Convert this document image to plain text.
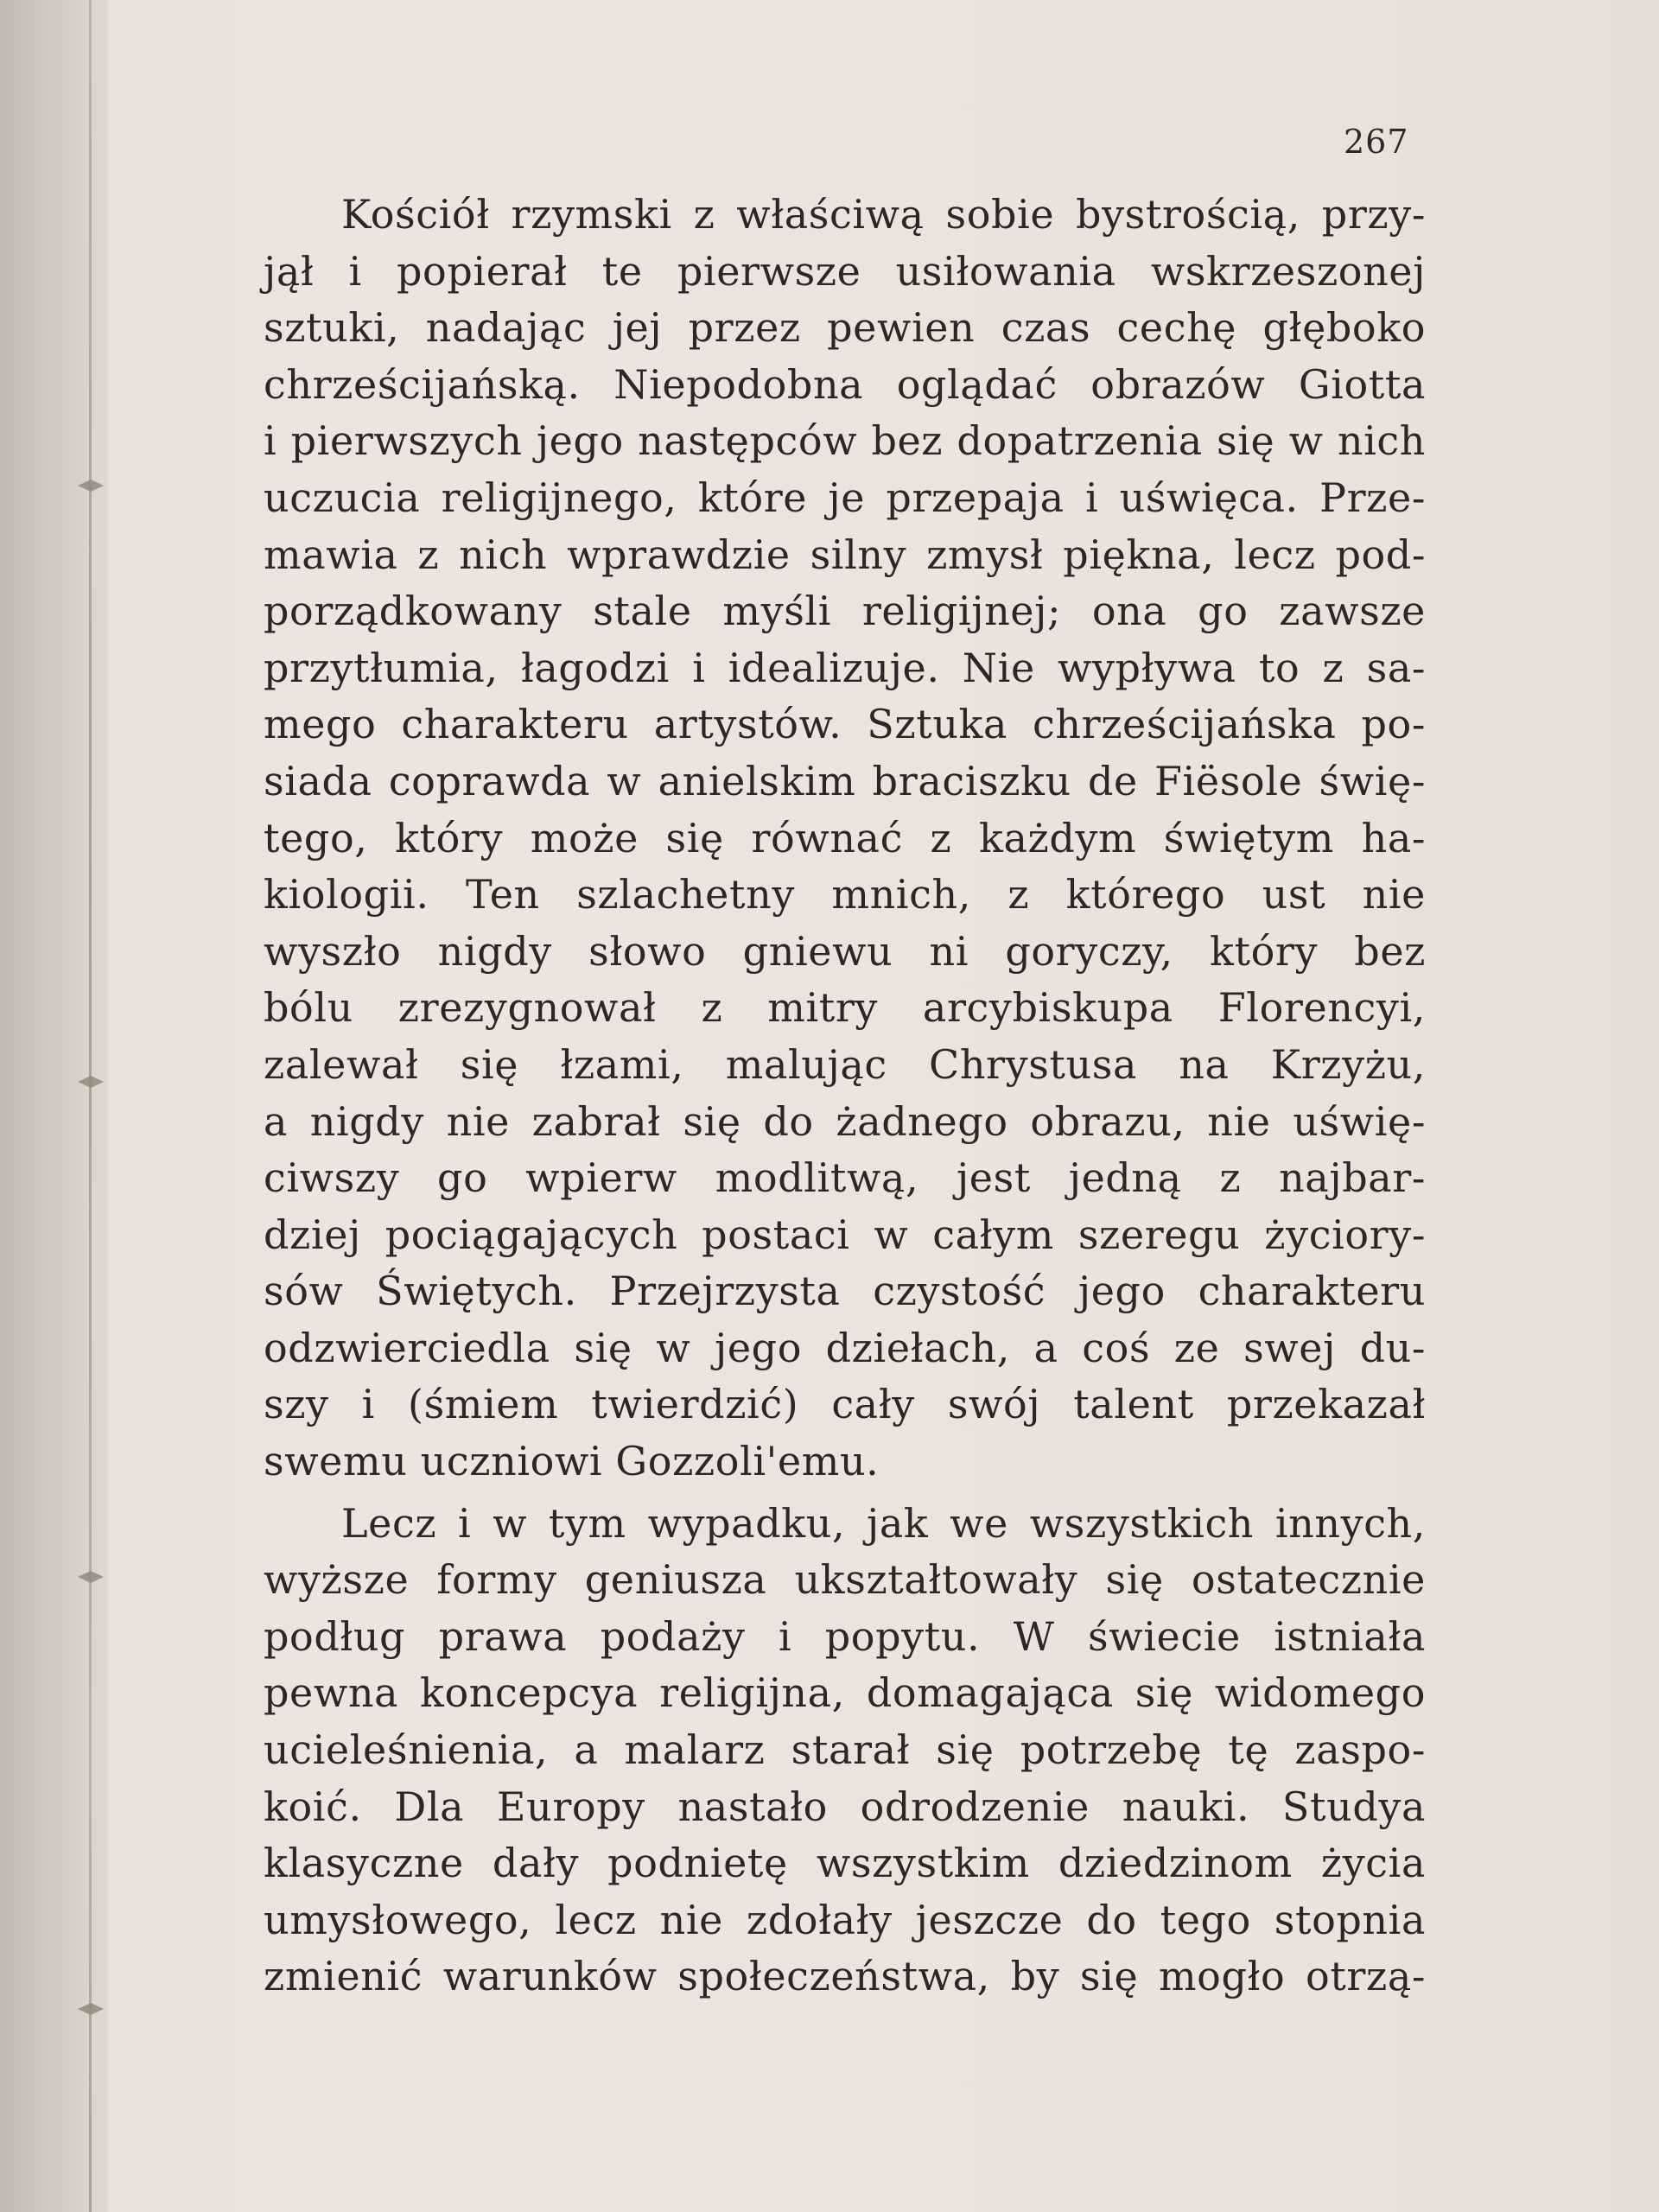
267
Kościół rzymski z właściwą sobie bystrością, przy-
jął i popierał te pierwsze usiłowania wskrzeszonej
sztuki, nadając jej przez pewien czas cechę głęboko
chrześcijańską. Niepodobna oglądać obrazów Giotta
i pierwszych jego następców bez dopatrzenia się w nich
uczucia religijnego, które je przepaja i uświęca. Prze-
mawia z nich wprawdzie silny zmysł piękna, lecz pod-
porządkowany stale myśli religijnej; ona go zawsze
przytłumia, łagodzi i idealizuje. Nie wypływa to z sa-
mego charakteru artystów. Sztuka chrześcijańska po-
siada coprawda w anielskim braciszku de Fiësole świę-
tego, który może się równać z każdym świętym ha-
kiologii. Ten szlachetny mnich, z którego ust nie
wyszło nigdy słowo gniewu ni goryczy, który bez
bólu zrezygnował z mitry arcybiskupa Florencyi,
zalewał się łzami, malując Chrystusa na Krzyżu,
a nigdy nie zabrał się do żadnego obrazu, nie uświę-
ciwszy go wpierw modlitwą, jest jedną z najbar-
dziej pociągających postaci w całym szeregu życiory-
sów Świętych. Przejrzysta czystość jego charakteru
odzwierciedla się w jego dziełach, a coś ze swej du-
szy i (śmiem twierdzić) cały swój talent przekazał
swemu uczniowi Gozzoli'emu.
Lecz i w tym wypadku, jak we wszystkich innych,
wyższe formy geniusza ukształtowały się ostatecznie
podług prawa podaży i popytu. W świecie istniała
pewna koncepcya religijna, domagająca się widomego
ucieleśnienia, a malarz starał się potrzebę tę zaspo-
koić. Dla Europy nastało odrodzenie nauki. Studya
klasyczne dały podnietę wszystkim dziedzinom życia
umysłowego, lecz nie zdołały jeszcze do tego stopnia
zmienić warunków społeczeństwa, by się mogło otrzą-
